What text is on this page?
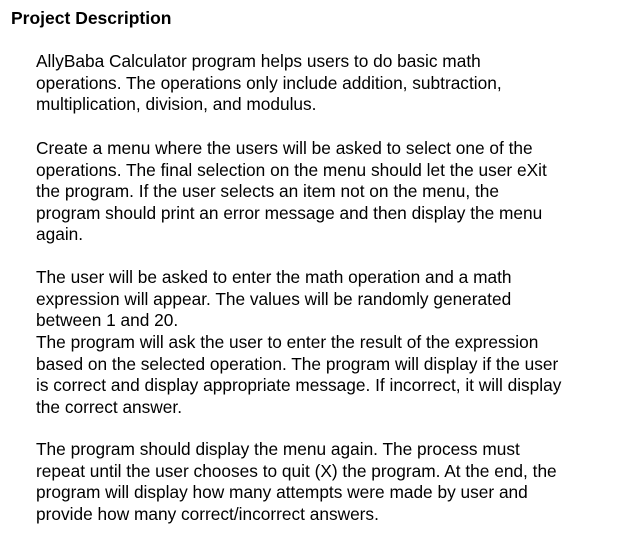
Project Description

AllyBaba Calculator program helps users to do basic math
operations. The operations only include addition, subtraction,
multiplication, division, and modulus.

Create a menu where the users will be asked to select one of the
operations. The final selection on the menu should let the user eXit
the program. If the user selects an item not on the menu, the
program should print an error message and then display the menu
again.

The user will be asked to enter the math operation and a math
expression will appear. The values will be randomly generated
between 1 and 20.

The program will ask the user to enter the result of the expression
based on the selected operation. The program will display if the user
is correct and display appropriate message. If incorrect, it will display
the correct answer.

The program should display the menu again. The process must
repeat until the user chooses to quit (X) the program. At the end, the
program will display how many attempts were made by user and
provide how many correct/incorrect answers.
